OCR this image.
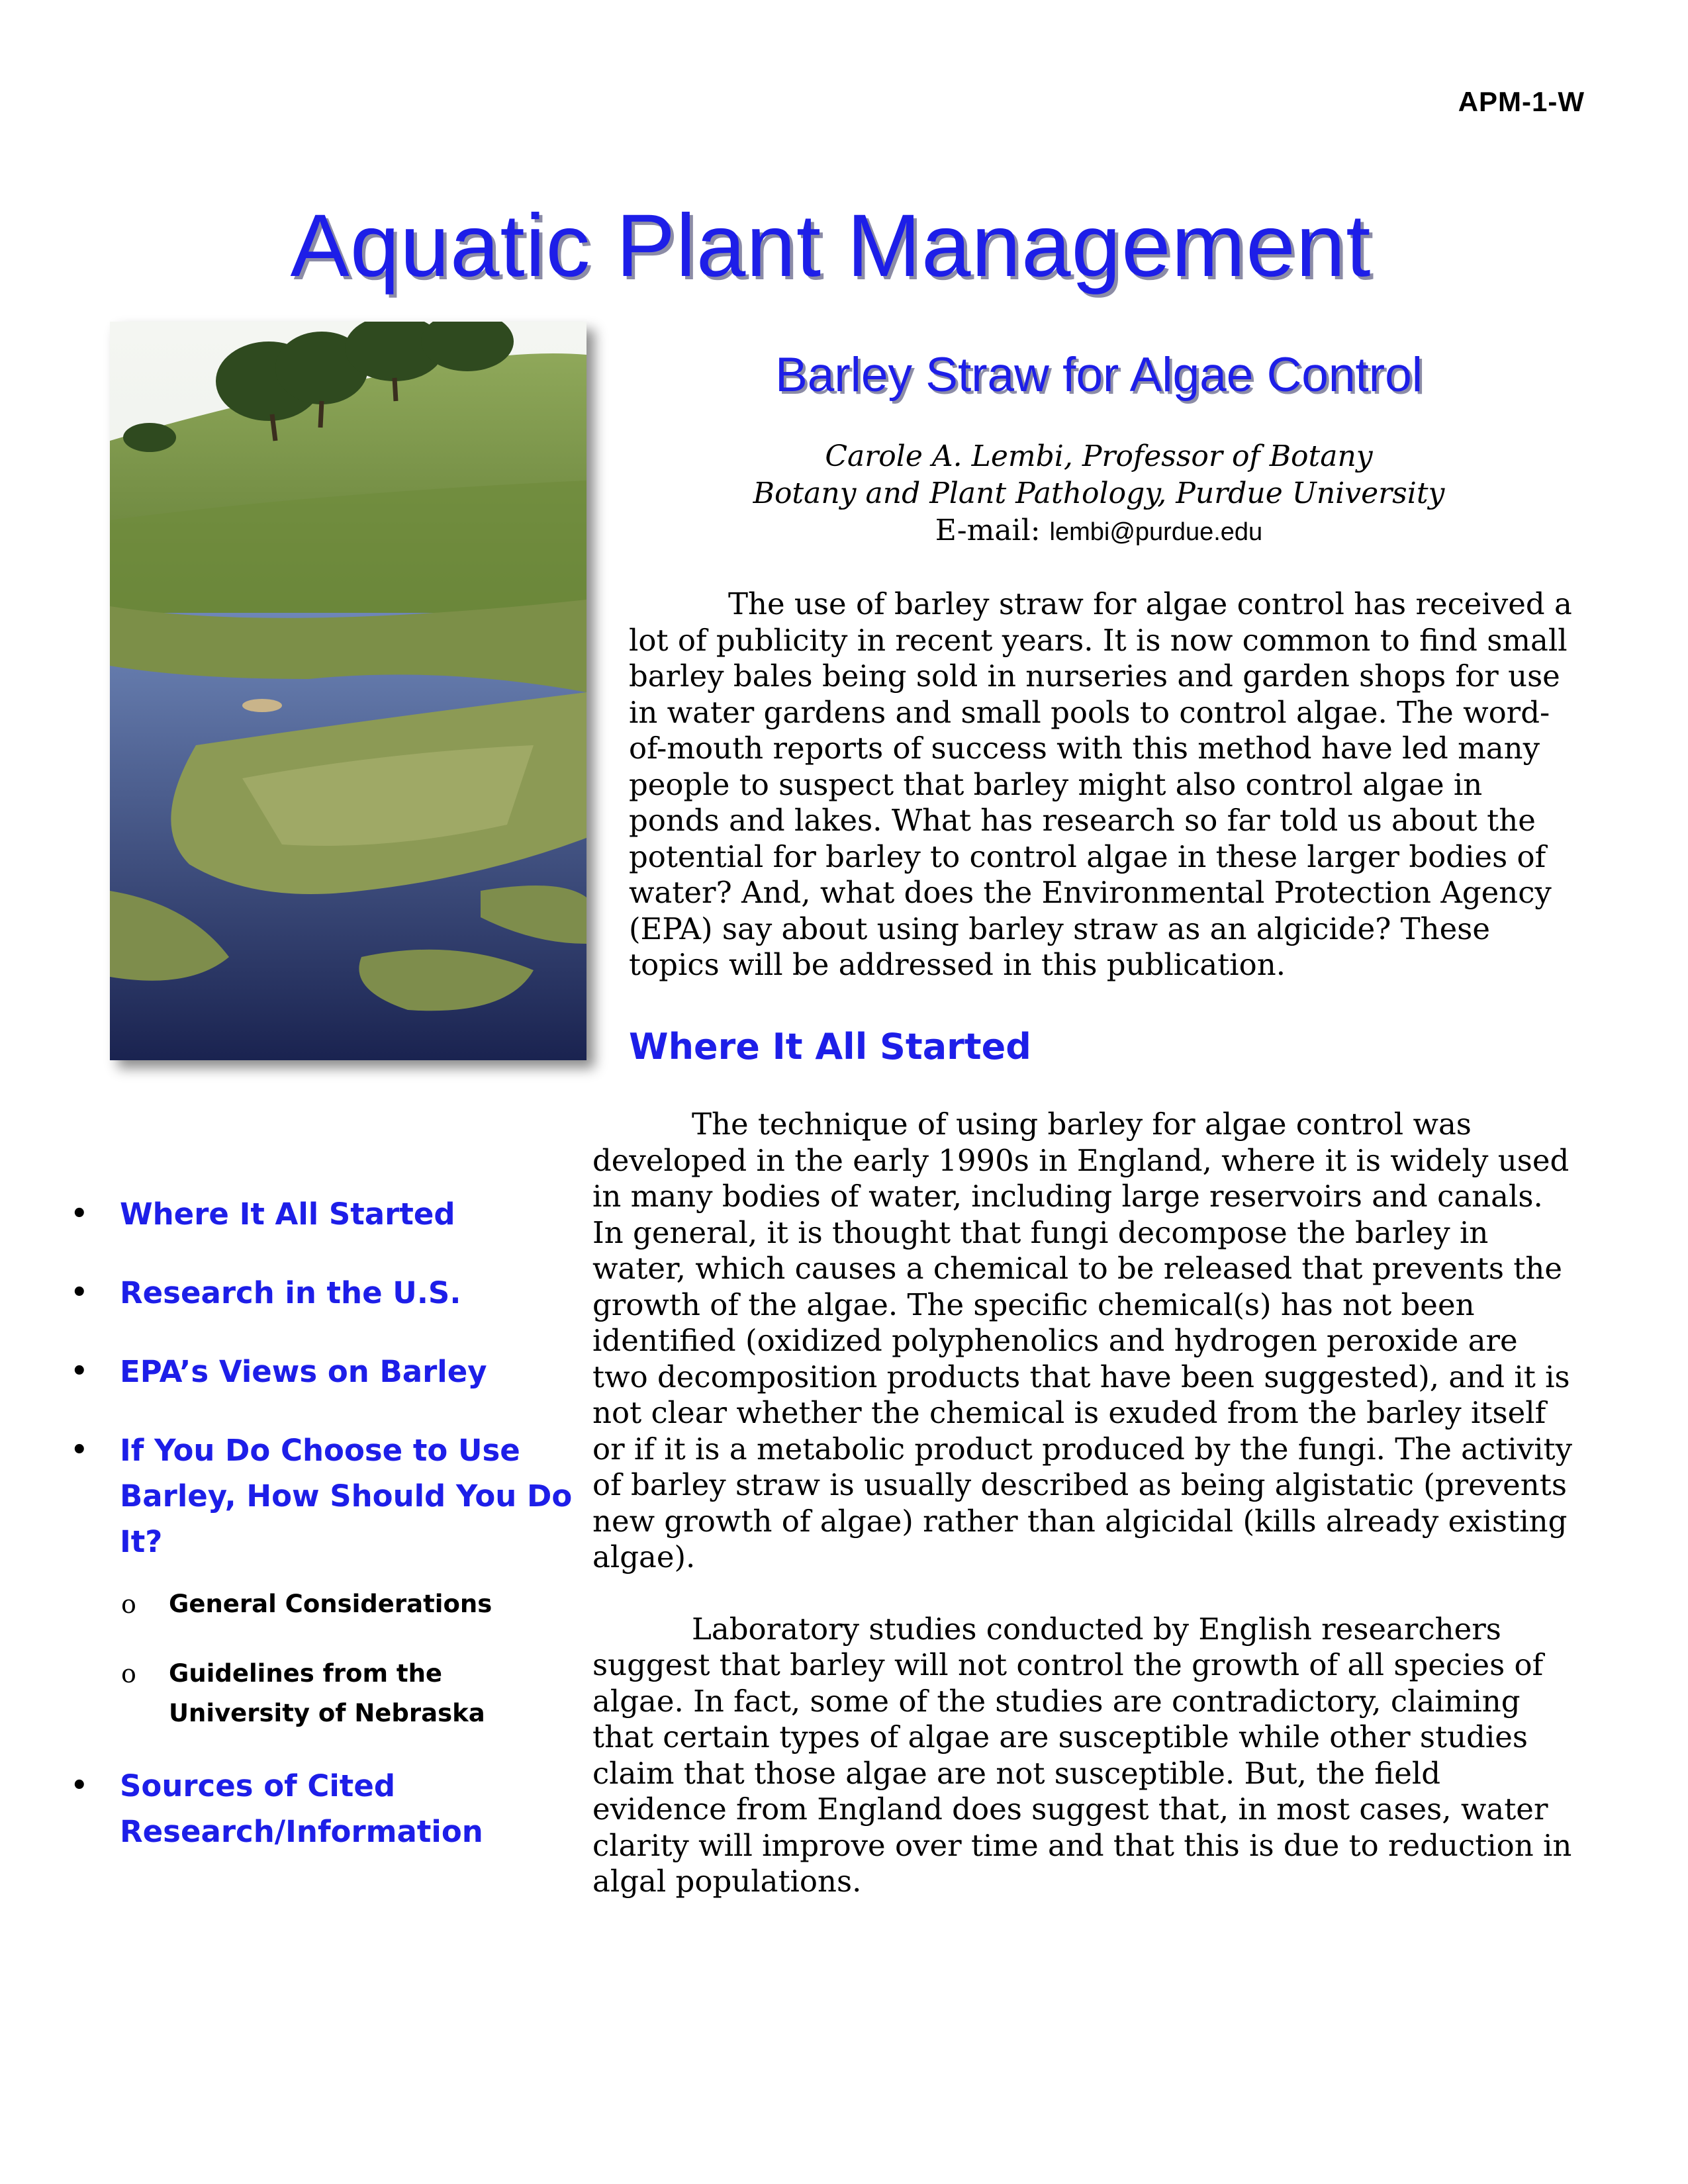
APM-1-W
Aquatic Plant Management
Barley Straw for Algae Control
Carole A. Lembi, Professor of Botany
Botany and Plant Pathology, Purdue University
E-mail: lembi@purdue.edu

The use of barley straw for algae control has received a lot of publicity in recent years. It is now common to find small barley bales being sold in nurseries and garden shops for use in water gardens and small pools to control algae. The word-of-mouth reports of success with this method have led many people to suspect that barley might also control algae in ponds and lakes. What has research so far told us about the potential for barley to control algae in these larger bodies of water? And, what does the Environmental Protection Agency (EPA) say about using barley straw as an algicide? These topics will be addressed in this publication.

Where It All Started

The technique of using barley for algae control was developed in the early 1990s in England, where it is widely used in many bodies of water, including large reservoirs and canals. In general, it is thought that fungi decompose the barley in water, which causes a chemical to be released that prevents the growth of the algae. The specific chemical(s) has not been identified (oxidized polyphenolics and hydrogen peroxide are two decomposition products that have been suggested), and it is not clear whether the chemical is exuded from the barley itself or if it is a metabolic product produced by the fungi. The activity of barley straw is usually described as being algistatic (prevents new growth of algae) rather than algicidal (kills already existing algae).

Laboratory studies conducted by English researchers suggest that barley will not control the growth of all species of algae. In fact, some of the studies are contradictory, claiming that certain types of algae are susceptible while other studies claim that those algae are not susceptible. But, the field evidence from England does suggest that, in most cases, water clarity will improve over time and that this is due to reduction in algal populations.

• Where It All Started
• Research in the U.S.
• EPA’s Views on Barley
• If You Do Choose to Use Barley, How Should You Do It?
o General Considerations
o Guidelines from the University of Nebraska
• Sources of Cited Research/Information
